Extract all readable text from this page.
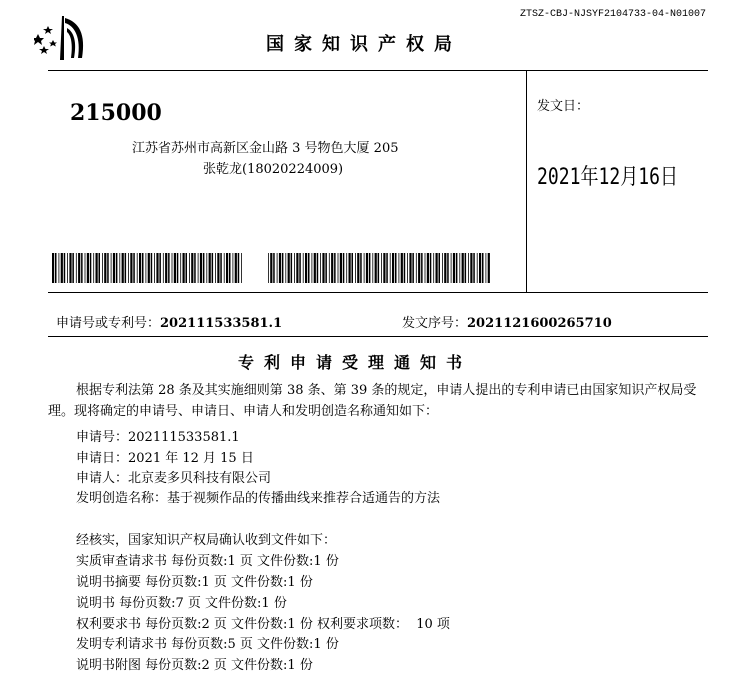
ZTSZ-CBJ-NJSYF2104733-04-N01007
国家知识产权局
215000
江苏省苏州市高新区金山路 3 号物色大厦 205
张乾龙(18020224009)
发文日：
2021年12月16日
申请号或专利号：202111533581.1	发文序号：2021121600265710
专利申请受理通知书
根据专利法第 28 条及其实施细则第 38 条、第 39 条的规定，申请人提出的专利申请已由国家知识产权局受理。现将确定的申请号、申请日、申请人和发明创造名称通知如下：
申请号：202111533581.1
申请日：2021 年 12 月 15 日
申请人：北京麦多贝科技有限公司
发明创造名称：基于视频作品的传播曲线来推荐合适通告的方法
经核实，国家知识产权局确认收到文件如下：
实质审查请求书 每份页数:1 页 文件份数:1 份
说明书摘要 每份页数:1 页 文件份数:1 份
说明书 每份页数:7 页 文件份数:1 份
权利要求书 每份页数:2 页 文件份数:1 份 权利要求项数：  10 项
发明专利请求书 每份页数:5 页 文件份数:1 份
说明书附图 每份页数:2 页 文件份数:1 份
